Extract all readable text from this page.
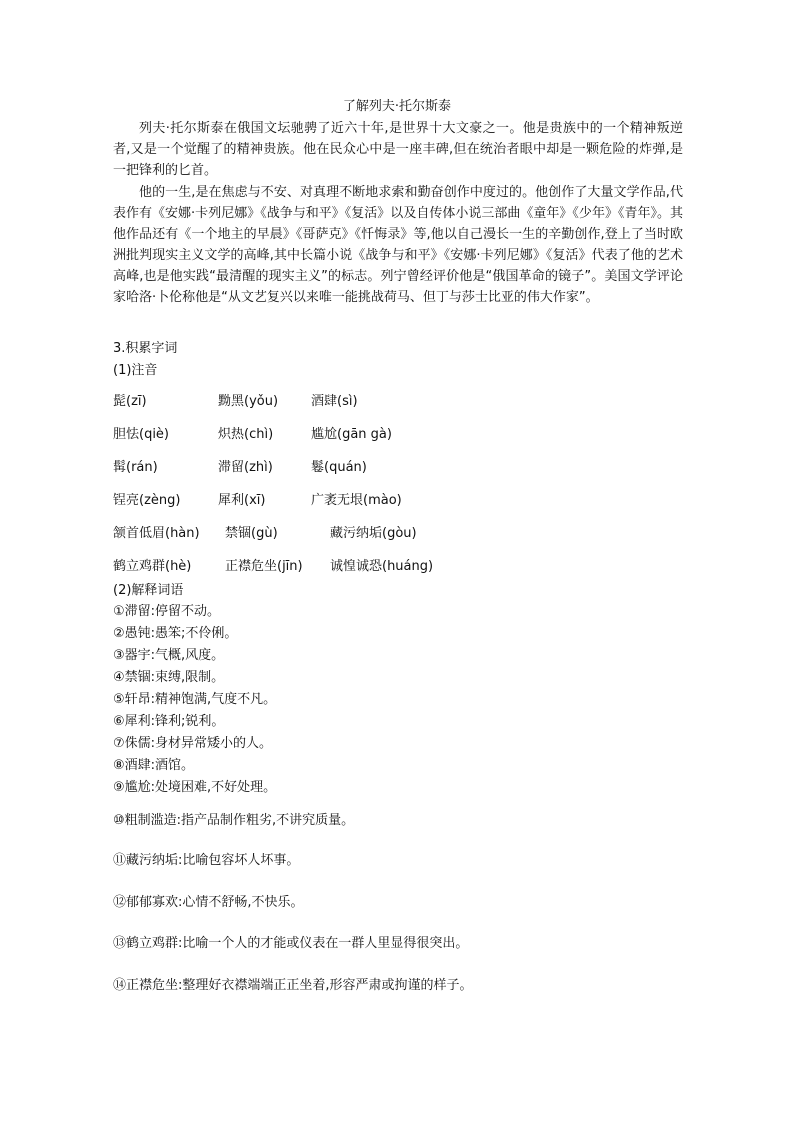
了解列夫·托尔斯泰

列夫·托尔斯泰在俄国文坛驰骋了近六十年,是世界十大文豪之一。他是贵族中的一个精神叛逆者,又是一个觉醒了的精神贵族。他在民众心中是一座丰碑,但在统治者眼中却是一颗危险的炸弹,是一把锋利的匕首。

他的一生,是在焦虑与不安、对真理不断地求索和勤奋创作中度过的。他创作了大量文学作品,代表作有《安娜·卡列尼娜》《战争与和平》《复活》以及自传体小说三部曲《童年》《少年》《青年》。其他作品还有《一个地主的早晨》《哥萨克》《忏悔录》等,他以自己漫长一生的辛勤创作,登上了当时欧洲批判现实主义文学的高峰,其中长篇小说《战争与和平》《安娜·卡列尼娜》《复活》代表了他的艺术高峰,也是他实践“最清醒的现实主义”的标志。列宁曾经评价他是“俄国革命的镜子”。美国文学评论家哈洛·卜伦称他是“从文艺复兴以来唯一能挑战荷马、但丁与莎士比亚的伟大作家”。

3.积累字词
(1)注音
髭(zī)	黝黑(yǒu)	酒肆(sì)
胆怯(qiè)	炽热(chì)	尴尬(gān gà)
髯(rán)	滞留(zhì)	鬈(quán)
锃亮(zèng)	犀利(xī)	广袤无垠(mào)
颔首低眉(hàn) 禁锢(gù)	藏污纳垢(gòu)
鹤立鸡群(hè)	正襟危坐(jīn) 诚惶诚恐(huáng)
(2)解释词语
①滞留:停留不动。
②愚钝:愚笨;不伶俐。
③器宇:气概,风度。
④禁锢:束缚,限制。
⑤轩昂:精神饱满,气度不凡。
⑥犀利:锋利;锐利。
⑦侏儒:身材异常矮小的人。
⑧酒肆:酒馆。
⑨尴尬:处境困难,不好处理。
⑩粗制滥造:指产品制作粗劣,不讲究质量。
⑪藏污纳垢:比喻包容坏人坏事。
⑫郁郁寡欢:心情不舒畅,不快乐。
⑬鹤立鸡群:比喻一个人的才能或仪表在一群人里显得很突出。
⑭正襟危坐:整理好衣襟端端正正坐着,形容严肃或拘谨的样子。
